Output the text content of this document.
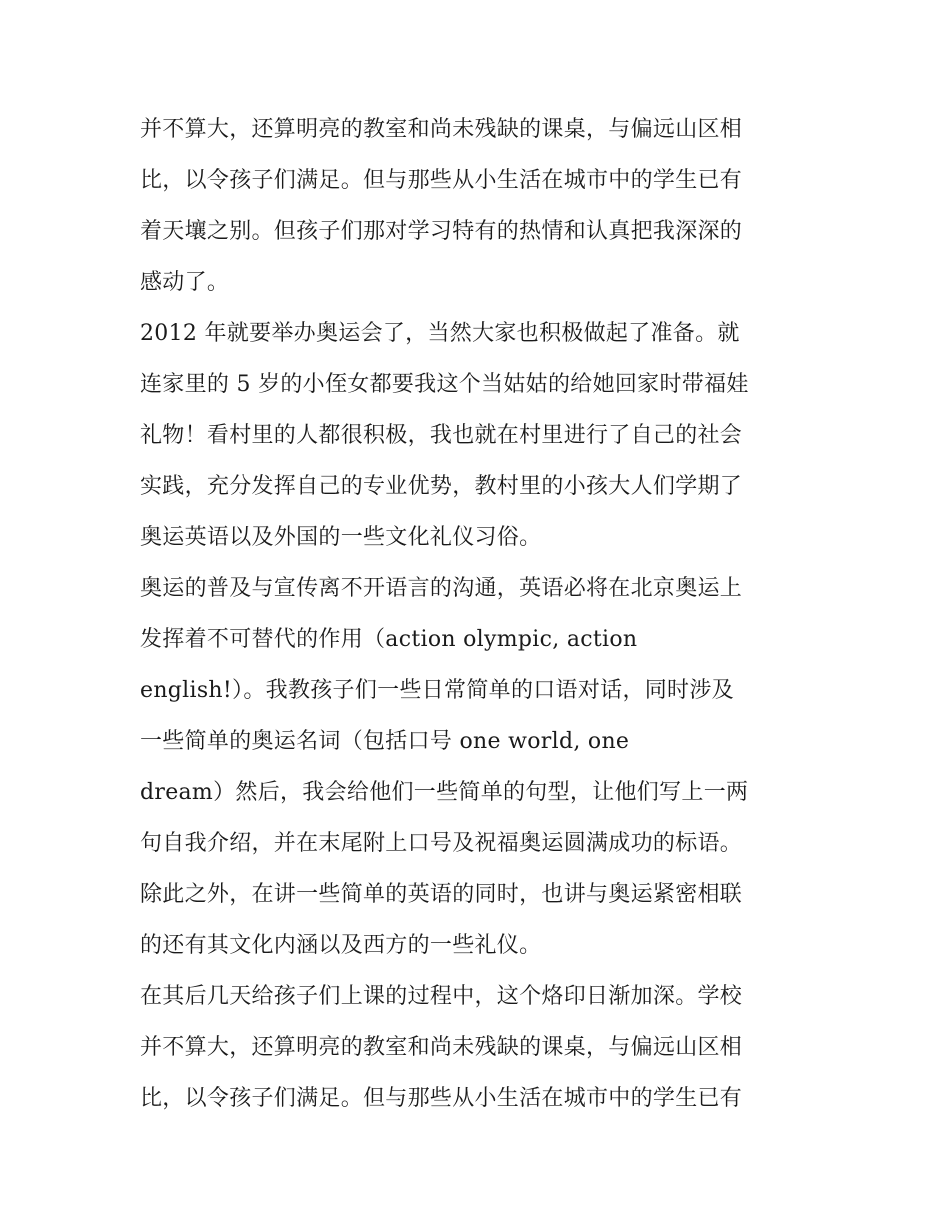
并不算大，还算明亮的教室和尚未残缺的课桌，与偏远山区相
比，以令孩子们满足。但与那些从小生活在城市中的学生已有
着天壤之别。但孩子们那对学习特有的热情和认真把我深深的
感动了。
2012 年就要举办奥运会了，当然大家也积极做起了准备。就
连家里的 5 岁的小侄女都要我这个当姑姑的给她回家时带福娃
礼物！看村里的人都很积极，我也就在村里进行了自己的社会
实践，充分发挥自己的专业优势，教村里的小孩大人们学期了
奥运英语以及外国的一些文化礼仪习俗。
奥运的普及与宣传离不开语言的沟通，英语必将在北京奥运上
发挥着不可替代的作用（action olympic, action
english!）。我教孩子们一些日常简单的口语对话，同时涉及
一些简单的奥运名词（包括口号 one world, one
dream）然后，我会给他们一些简单的句型，让他们写上一两
句自我介绍，并在末尾附上口号及祝福奥运圆满成功的标语。
除此之外，在讲一些简单的英语的同时，也讲与奥运紧密相联
的还有其文化内涵以及西方的一些礼仪。
在其后几天给孩子们上课的过程中，这个烙印日渐加深。学校
并不算大，还算明亮的教室和尚未残缺的课桌，与偏远山区相
比，以令孩子们满足。但与那些从小生活在城市中的学生已有
